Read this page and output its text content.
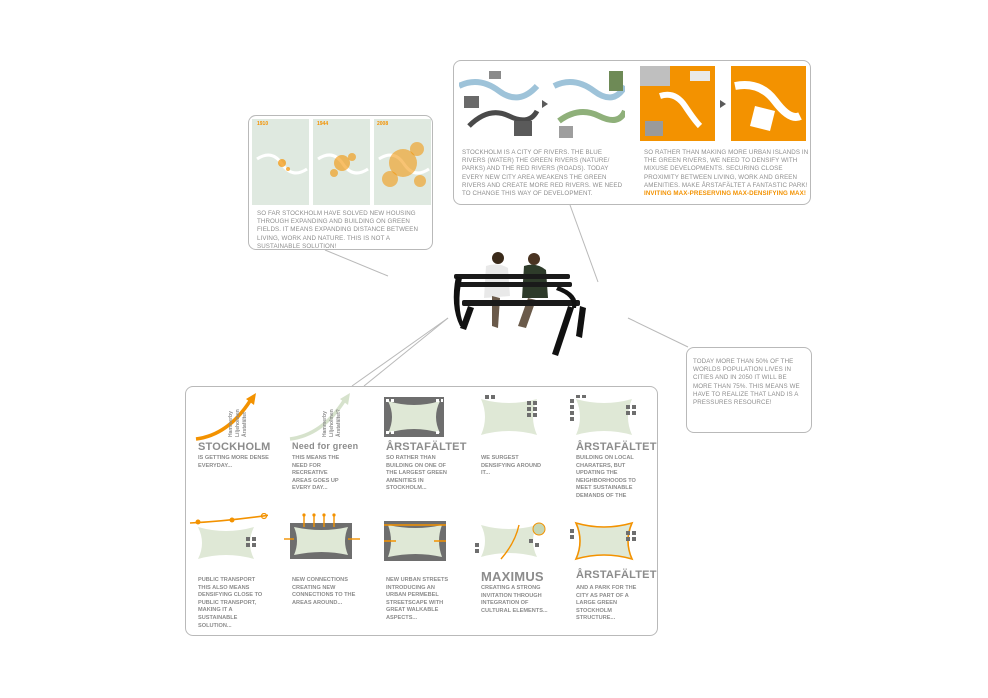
1910	1944	2008
SO FAR STOCKHOLM HAVE SOLVED NEW HOUSING THROUGH EXPANDING AND BUILDING ON GREEN FIELDS. IT MEANS EXPANDING DISTANCE BETWEEN LIVING, WORK AND NATURE. THIS IS NOT A SUSTAINABLE SOLUTION!
STOCKHOLM IS A CITY OF RIVERS. THE BLUE RIVERS (WATER) THE GREEN RIVERS (NATURE/ PARKS) AND THE RED RIVERS (ROADS). TODAY EVERY NEW CITY AREA WEAKENS THE GREEN RIVERS AND CREATE MORE RED RIVERS. WE NEED TO CHANGE THIS WAY OF DEVELOPMENT.
SO RATHER THAN MAKING MORE URBAN ISLANDS IN THE GREEN RIVERS, WE NEED TO DENSIFY WITH MIXUSE DEVELOPMENTS. SECURING CLOSE PROXIMITY BETWEEN LIVING, WORK AND GREEN AMENITIES. MAKE ÅRSTAFÄLTET A FANTASTIC PARK! INVITING MAX-PRESERVING MAX-DENSIFYING MAX!
TODAY MORE THAN 50% OF THE WORLDS POPULATION LIVES IN CITIES AND IN 2050 IT WILL BE MORE THAN 75%. THIS MEANS WE HAVE TO REALIZE THAT LAND IS A PRESSURES RESOURCE!
Hammerby Liljeholmen Årstafältet
STOCKHOLM
IS GETTING MORE DENSE EVERYDAY...
Hammerby Liljeholmen Årstafältet?
Need for green
THIS MEANS THE NEED FOR RECREATIVE AREAS GOES UP EVERY DAY...
ÅRSTAFÄLTET
SO RATHER THAN BUILDING ON ONE OF THE LARGEST GREEN AMENITIES IN STOCKHOLM...
WE SURGEST DENSIFYING AROUND IT...
ÅRSTAFÄLTET
BUILDING ON LOCAL CHARATERS, BUT UPDATING THE NEIGHBORHOODS TO MEET SUSTAINABLE DEMANDS OF THE
PUBLIC TRANSPORT THIS ALSO MEANS DENSIFYING CLOSE TO PUBLIC TRANSPORT, MAKING IT A SUSTAINABLE SOLUTION...
NEW CONNECTIONS CREATING NEW CONNECTIONS TO THE AREAS AROUND...
NEW URBAN STREETS INTRODUCING AN URBAN PERMEBEL STREETSCAPE WITH GREAT WALKABLE ASPECTS...
MAXIMUS
CREATING A STRONG INVITATION THROUGH INTEGRATION OF CULTURAL ELEMENTS...
ÅRSTAFÄLTET
AND A PARK FOR THE CITY AS PART OF A LARGE GREEN STOCKHOLM STRUCTURE...
